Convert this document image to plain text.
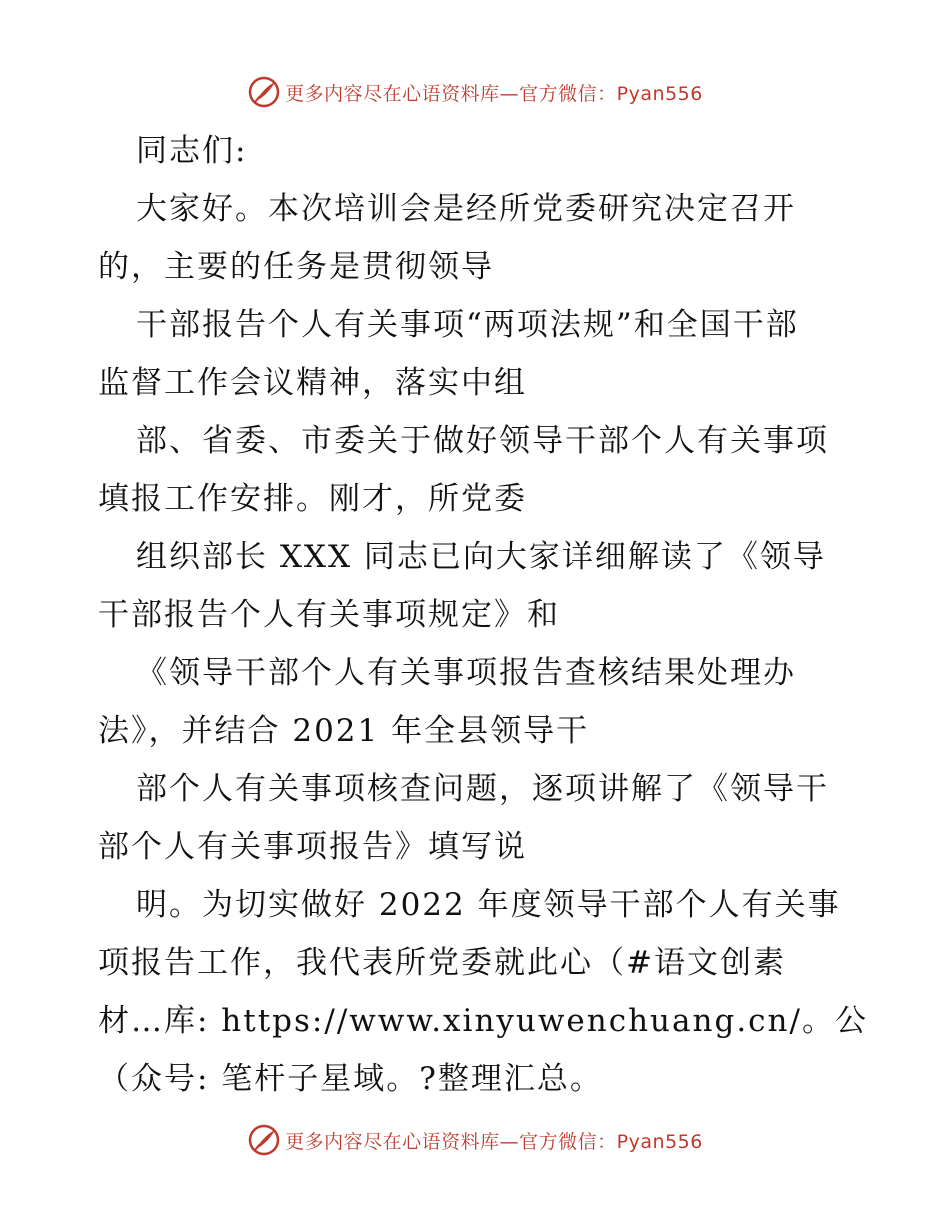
更多内容尽在心语资料库—官方微信：Pyan556
同志们:
大家好。本次培训会是经所党委研究决定召开
的，主要的任务是贯彻领导
干部报告个人有关事项“两项法规”和全国干部
监督工作会议精神，落实中组
部、省委、市委关于做好领导干部个人有关事项
填报工作安排。刚才，所党委
组织部长 XXX 同志已向大家详细解读了《领导
干部报告个人有关事项规定》和
《领导干部个人有关事项报告查核结果处理办
法》，并结合 2021 年全县领导干
部个人有关事项核查问题，逐项讲解了《领导干
部个人有关事项报告》填写说
明。为切实做好 2022 年度领导干部个人有关事
项报告工作，我代表所党委就此心（#语文创素
材…库: https://www.xinyuwenchuang.cn/。公
（众号: 笔杆子星域。?整理汇总。
更多内容尽在心语资料库—官方微信：Pyan556
